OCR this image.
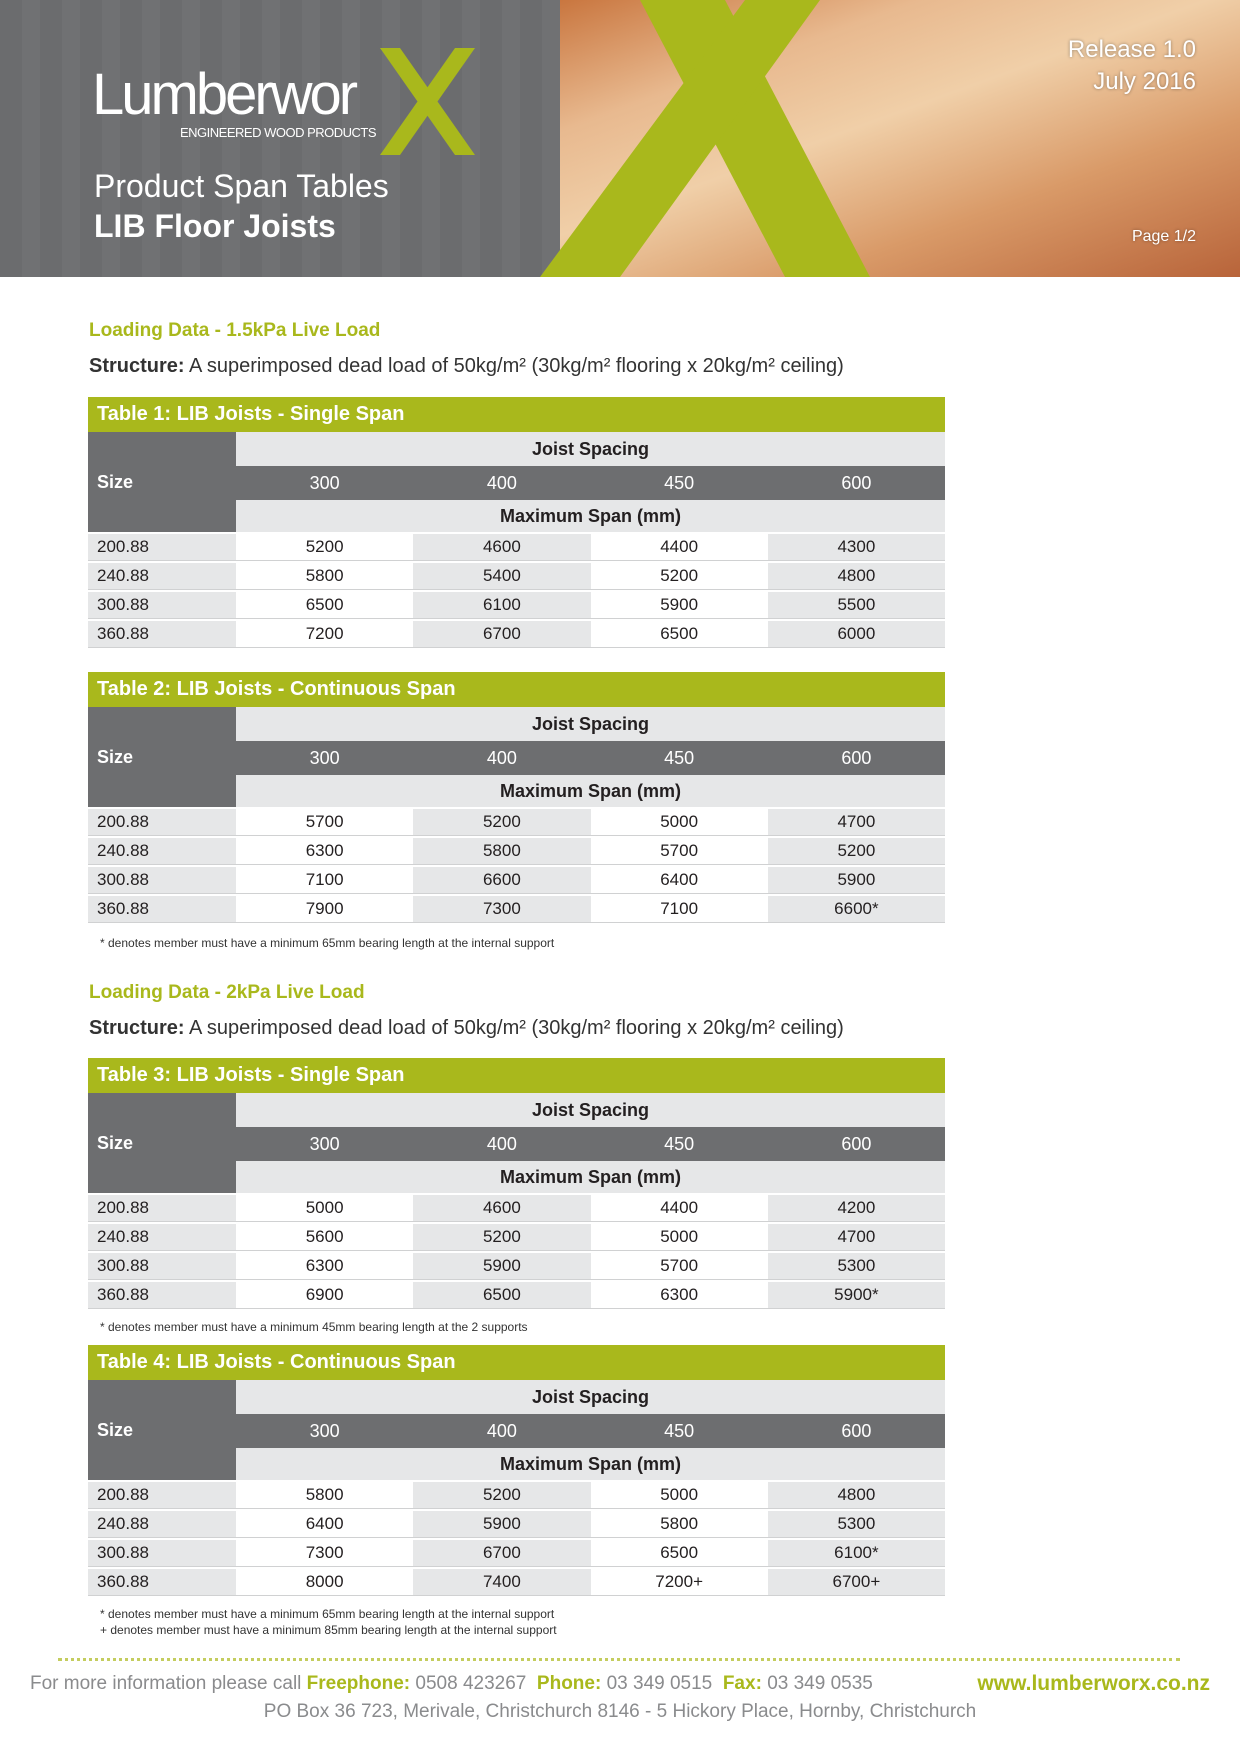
Lumberwor
ENGINEERED WOOD PRODUCTS
Product Span Tables
LIB Floor Joists
Release 1.0
July 2016
Page 1/2
Loading Data - 1.5kPa Live Load
Structure: A superimposed dead load of 50kg/m² (30kg/m² flooring x 20kg/m² ceiling)
Table 1: LIB Joists - Single Span
Size
Joist Spacing
300	400	450	600
Maximum Span (mm)
200.88	5200	4600	4400	4300
240.88	5800	5400	5200	4800
300.88	6500	6100	5900	5500
360.88	7200	6700	6500	6000
Table 2: LIB Joists - Continuous Span
Size
Joist Spacing
300	400	450	600
Maximum Span (mm)
200.88	5700	5200	5000	4700
240.88	6300	5800	5700	5200
300.88	7100	6600	6400	5900
360.88	7900	7300	7100	6600*
* denotes member must have a minimum 65mm bearing length at the internal support
Loading Data - 2kPa Live Load
Structure: A superimposed dead load of 50kg/m² (30kg/m² flooring x 20kg/m² ceiling)
Table 3: LIB Joists - Single Span
Size
Joist Spacing
300	400	450	600
Maximum Span (mm)
200.88	5000	4600	4400	4200
240.88	5600	5200	5000	4700
300.88	6300	5900	5700	5300
360.88	6900	6500	6300	5900*
* denotes member must have a minimum 45mm bearing length at the 2 supports
Table 4: LIB Joists - Continuous Span
Size
Joist Spacing
300	400	450	600
Maximum Span (mm)
200.88	5800	5200	5000	4800
240.88	6400	5900	5800	5300
300.88	7300	6700	6500	6100*
360.88	8000	7400	7200+	6700+
* denotes member must have a minimum 65mm bearing length at the internal support
+ denotes member must have a minimum 85mm bearing length at the internal support
For more information please call Freephone: 0508 423267 Phone: 03 349 0515 Fax: 03 349 0535	www.lumberworx.co.nz
PO Box 36 723, Merivale, Christchurch 8146 - 5 Hickory Place, Hornby, Christchurch
